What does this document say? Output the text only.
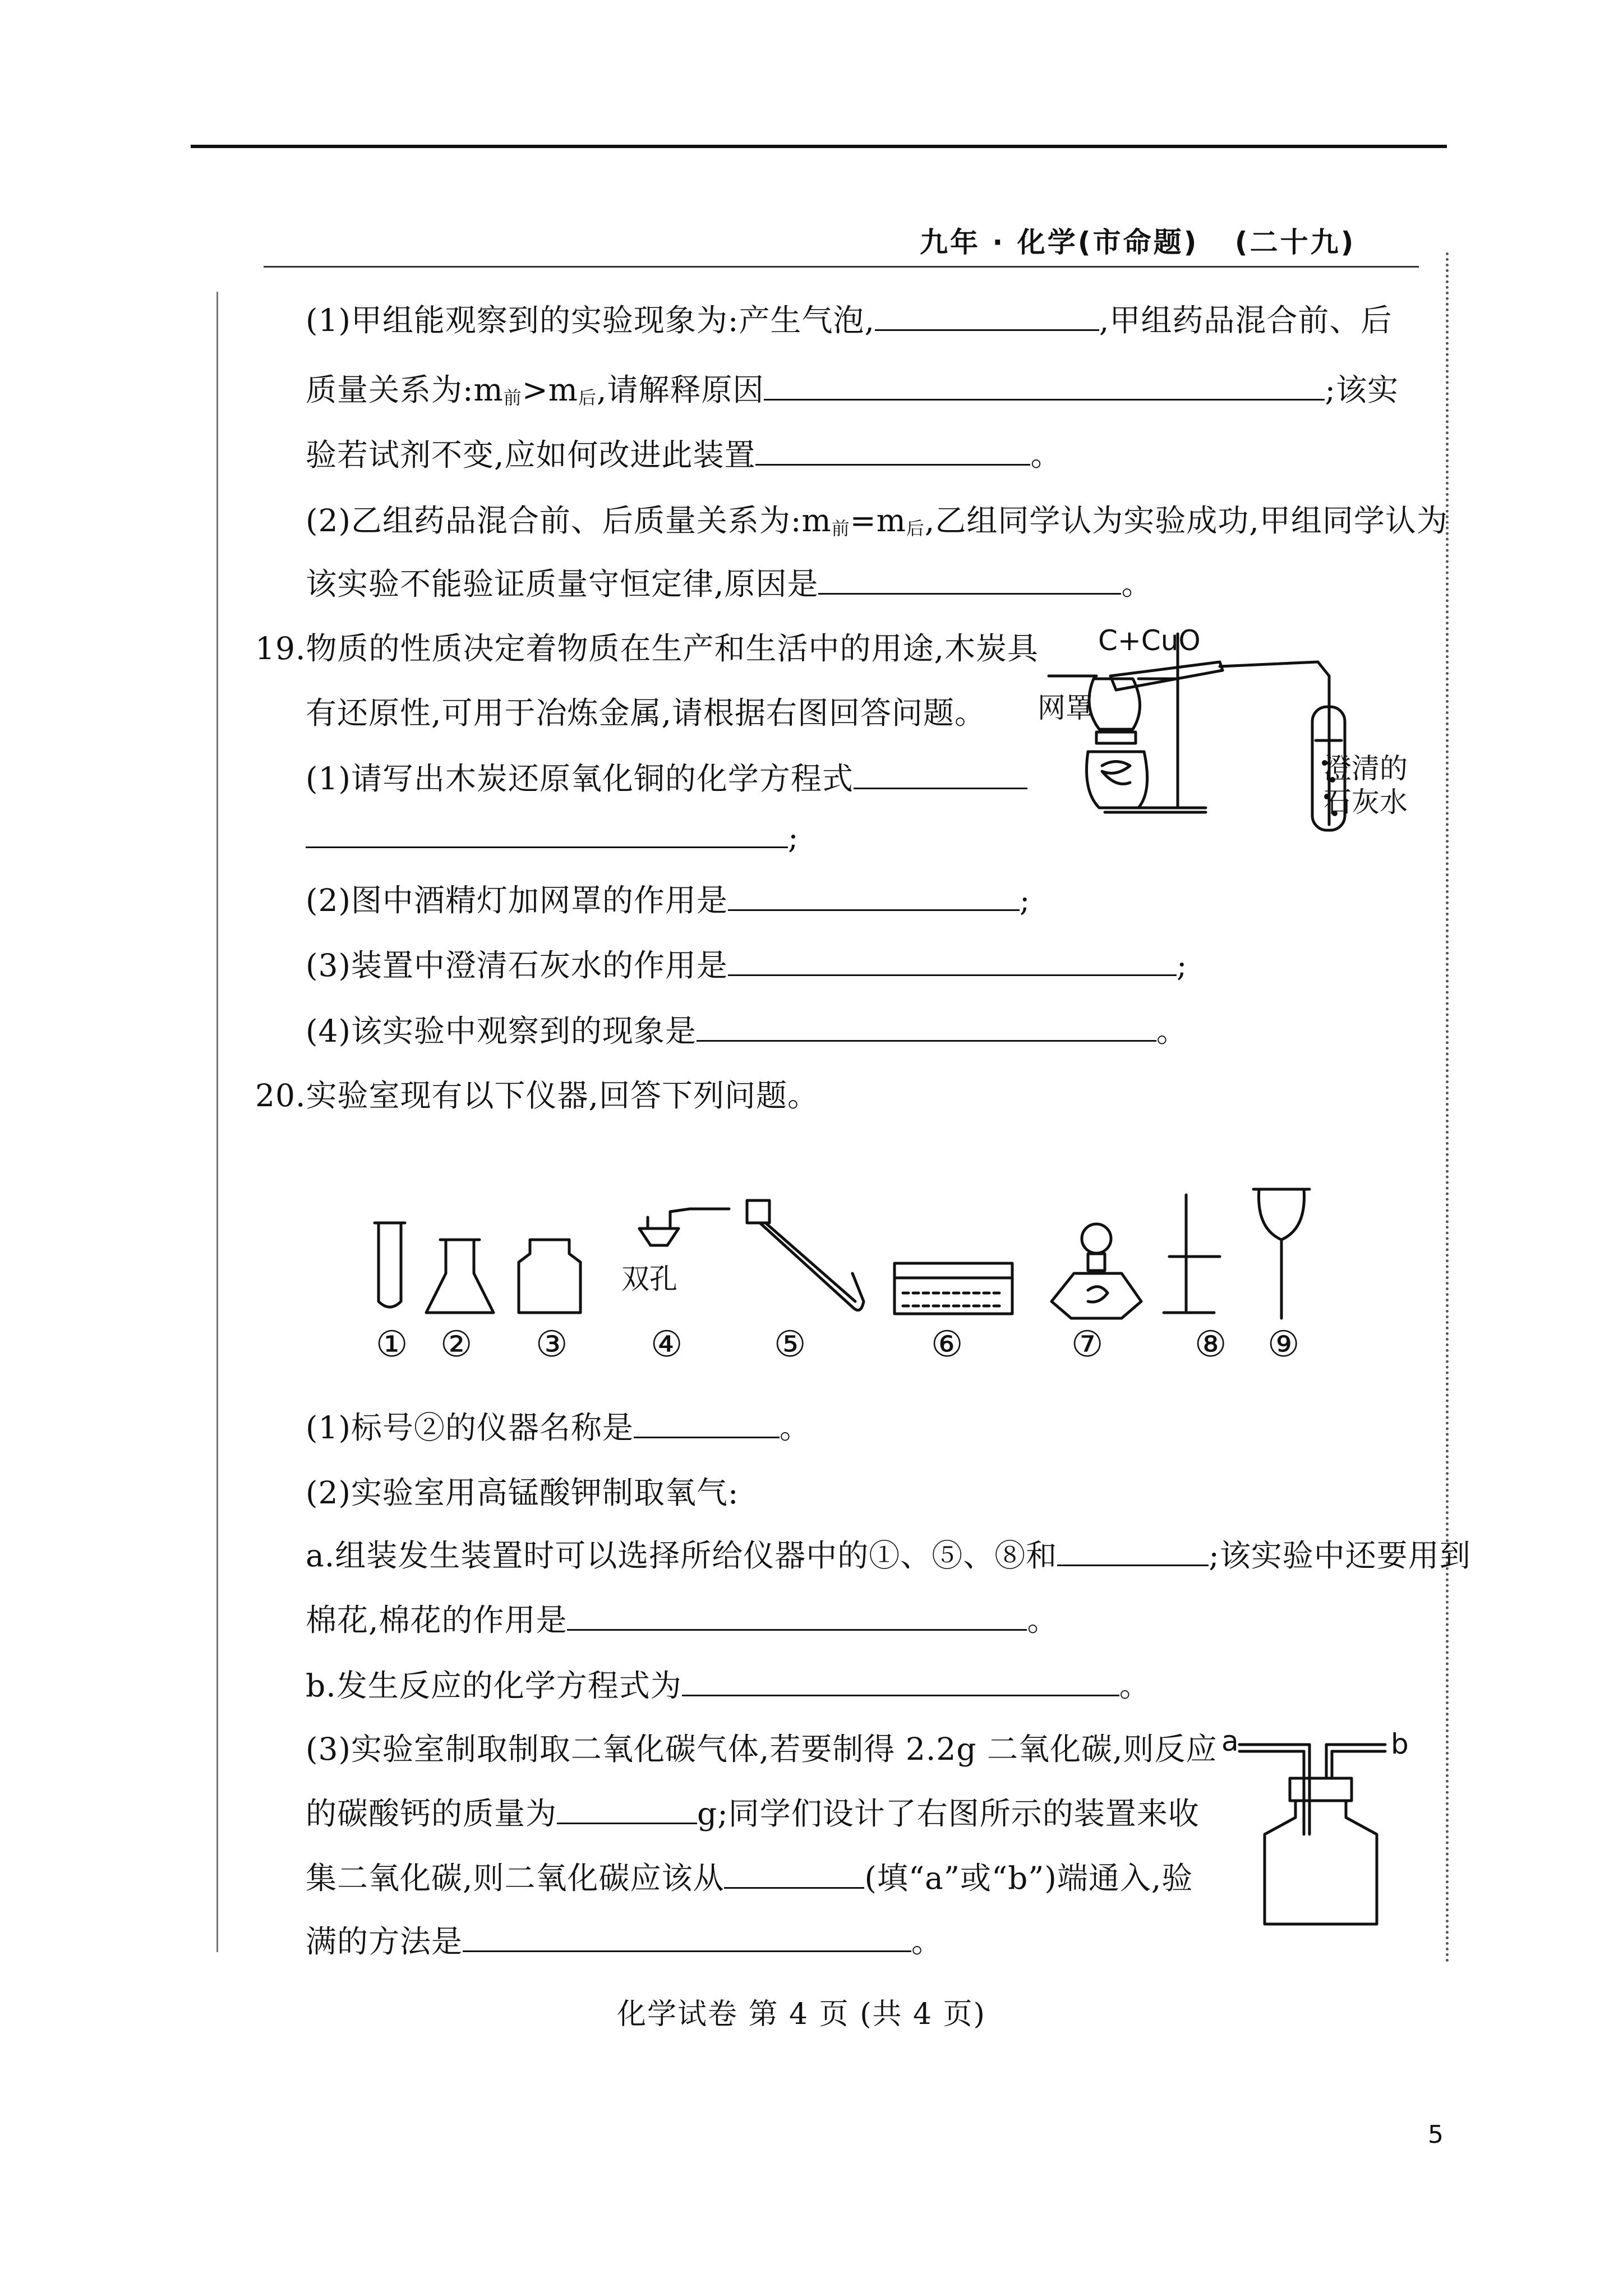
九年 · 化学(市命题) (二十九)
(1)甲组能观察到的实验现象为:产生气泡,	,甲组药品混合前、后
质量关系为:m前>m后,请解释原因	;该实
验若试剂不变,应如何改进此装置	。
(2)乙组药品混合前、后质量关系为:m前=m后,乙组同学认为实验成功,甲组同学认为
该实验不能验证质量守恒定律,原因是	。
19.物质的性质决定着物质在生产和生活中的用途,木炭具
有还原性,可用于冶炼金属,请根据右图回答问题。
(1)请写出木炭还原氧化铜的化学方程式
;
(2)图中酒精灯加网罩的作用是	;
(3)装置中澄清石灰水的作用是	;
(4)该实验中观察到的现象是	。
C+CuO
网罩
澄清的
石灰水
20.实验室现有以下仪器,回答下列问题。
双孔
① ② ③ ④	⑤	⑥	⑦	⑧ ⑨
(1)标号②的仪器名称是	。
(2)实验室用高锰酸钾制取氧气:
a.组装发生装置时可以选择所给仪器中的①、⑤、⑧和	;该实验中还要用到
棉花,棉花的作用是	。
b.发生反应的化学方程式为	。
(3)实验室制取制取二氧化碳气体,若要制得 2.2g 二氧化碳,则反应
的碳酸钙的质量为	g;同学们设计了右图所示的装置来收
集二氧化碳,则二氧化碳应该从	(填“a”或“b”)端通入,验
满的方法是	。
a	b
化学试卷 第 4 页 (共 4 页)
5
